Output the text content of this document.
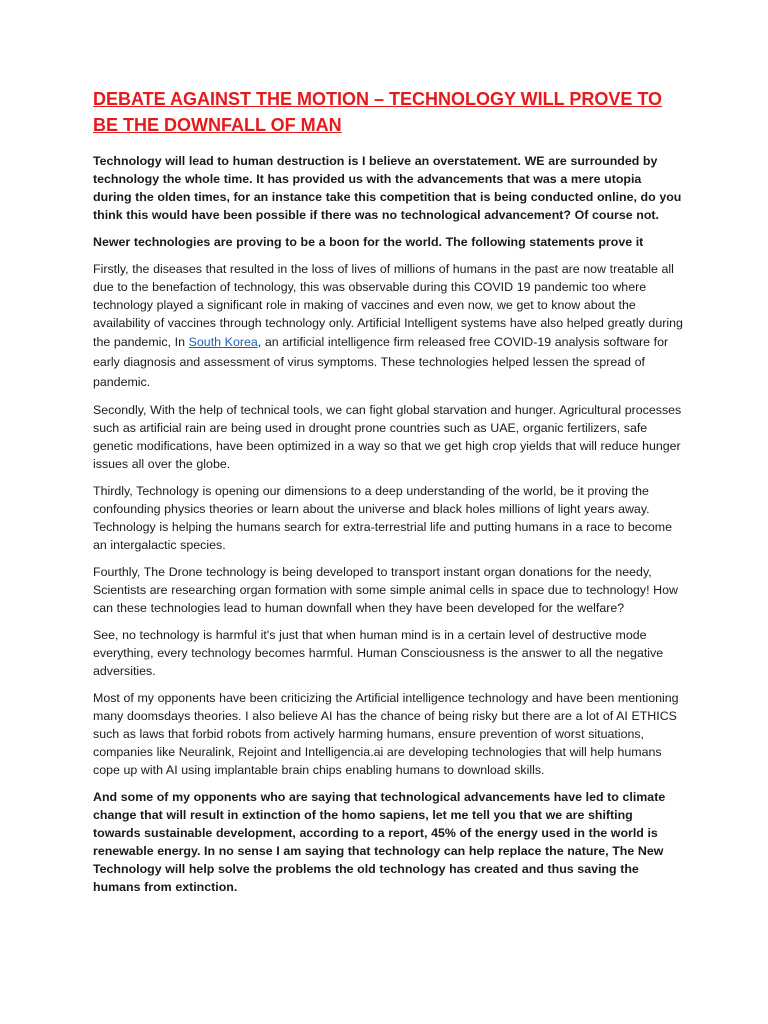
DEBATE AGAINST THE MOTION – TECHNOLOGY WILL PROVE TO BE THE DOWNFALL OF MAN

Technology will lead to human destruction is I believe an overstatement. WE are surrounded by technology the whole time. It has provided us with the advancements that was a mere utopia during the olden times, for an instance take this competition that is being conducted online, do you think this would have been possible if there was no technological advancement? Of course not.

Newer technologies are proving to be a boon for the world. The following statements prove it

Firstly, the diseases that resulted in the loss of lives of millions of humans in the past are now treatable all due to the benefaction of technology, this was observable during this COVID 19 pandemic too where technology played a significant role in making of vaccines and even now, we get to know about the availability of vaccines through technology only. Artificial Intelligent systems have also helped greatly during the pandemic, In South Korea, an artificial intelligence firm released free COVID-19 analysis software for early diagnosis and assessment of virus symptoms. These technologies helped lessen the spread of pandemic.

Secondly, With the help of technical tools, we can fight global starvation and hunger. Agricultural processes such as artificial rain are being used in drought prone countries such as UAE, organic fertilizers, safe genetic modifications, have been optimized in a way so that we get high crop yields that will reduce hunger issues all over the globe.

Thirdly, Technology is opening our dimensions to a deep understanding of the world, be it proving the confounding physics theories or learn about the universe and black holes millions of light years away. Technology is helping the humans search for extra-terrestrial life and putting humans in a race to become an intergalactic species.

Fourthly, The Drone technology is being developed to transport instant organ donations for the needy, Scientists are researching organ formation with some simple animal cells in space due to technology! How can these technologies lead to human downfall when they have been developed for the welfare?

See, no technology is harmful it's just that when human mind is in a certain level of destructive mode everything, every technology becomes harmful. Human Consciousness is the answer to all the negative adversities.

Most of my opponents have been criticizing the Artificial intelligence technology and have been mentioning many doomsdays theories. I also believe AI has the chance of being risky but there are a lot of AI ETHICS such as laws that forbid robots from actively harming humans, ensure prevention of worst situations, companies like Neuralink, Rejoint and Intelligencia.ai are developing technologies that will help humans cope up with AI using implantable brain chips enabling humans to download skills.

And some of my opponents who are saying that technological advancements have led to climate change that will result in extinction of the homo sapiens, let me tell you that we are shifting towards sustainable development, according to a report, 45% of the energy used in the world is renewable energy. In no sense I am saying that technology can help replace the nature, The New Technology will help solve the problems the old technology has created and thus saving the humans from extinction.
